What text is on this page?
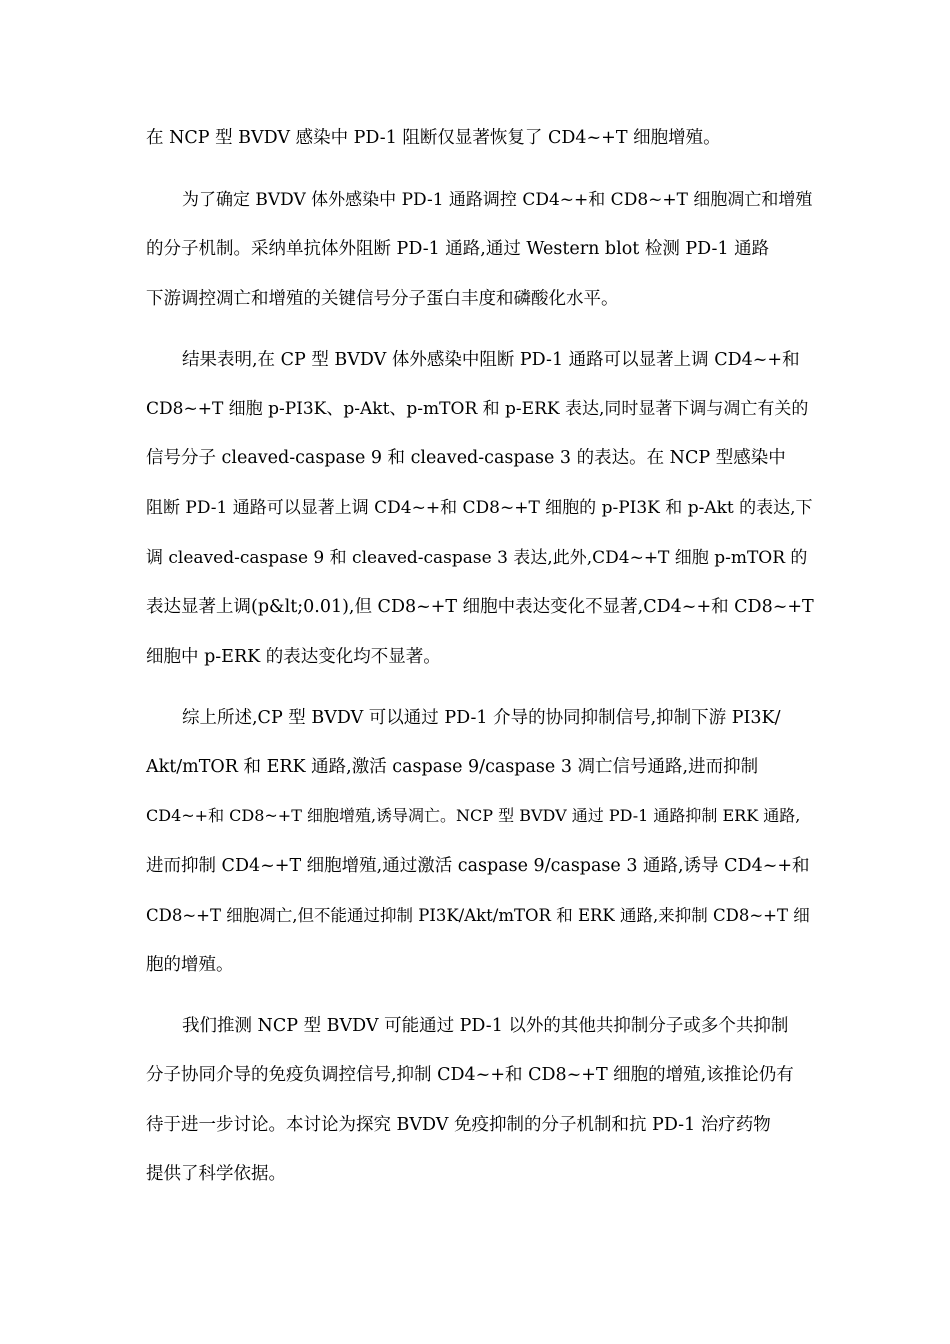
在 NCP 型 BVDV 感染中 PD-1 阻断仅显著恢复了 CD4~+T 细胞增殖。
为了确定 BVDV 体外感染中 PD-1 通路调控 CD4~+和 CD8~+T 细胞凋亡和增殖
的分子机制。采纳单抗体外阻断 PD-1 通路,通过 Western blot 检测 PD-1 通路
下游调控凋亡和增殖的关键信号分子蛋白丰度和磷酸化水平。
结果表明,在 CP 型 BVDV 体外感染中阻断 PD-1 通路可以显著上调 CD4~+和
CD8~+T 细胞 p-PI3K、p-Akt、p-mTOR 和 p-ERK 表达,同时显著下调与凋亡有关的
信号分子 cleaved-caspase 9 和 cleaved-caspase 3 的表达。在 NCP 型感染中
阻断 PD-1 通路可以显著上调 CD4~+和 CD8~+T 细胞的 p-PI3K 和 p-Akt 的表达,下
调 cleaved-caspase 9 和 cleaved-caspase 3 表达,此外,CD4~+T 细胞 p-mTOR 的
表达显著上调(p&lt;0.01),但 CD8~+T 细胞中表达变化不显著,CD4~+和 CD8~+T
细胞中 p-ERK 的表达变化均不显著。
综上所述,CP 型 BVDV 可以通过 PD-1 介导的协同抑制信号,抑制下游 PI3K/
Akt/mTOR 和 ERK 通路,激活 caspase 9/caspase 3 凋亡信号通路,进而抑制
CD4~+和 CD8~+T 细胞增殖,诱导凋亡。NCP 型 BVDV 通过 PD-1 通路抑制 ERK 通路,
进而抑制 CD4~+T 细胞增殖,通过激活 caspase 9/caspase 3 通路,诱导 CD4~+和
CD8~+T 细胞凋亡,但不能通过抑制 PI3K/Akt/mTOR 和 ERK 通路,来抑制 CD8~+T 细
胞的增殖。
我们推测 NCP 型 BVDV 可能通过 PD-1 以外的其他共抑制分子或多个共抑制
分子协同介导的免疫负调控信号,抑制 CD4~+和 CD8~+T 细胞的增殖,该推论仍有
待于进一步讨论。本讨论为探究 BVDV 免疫抑制的分子机制和抗 PD-1 治疗药物
提供了科学依据。
